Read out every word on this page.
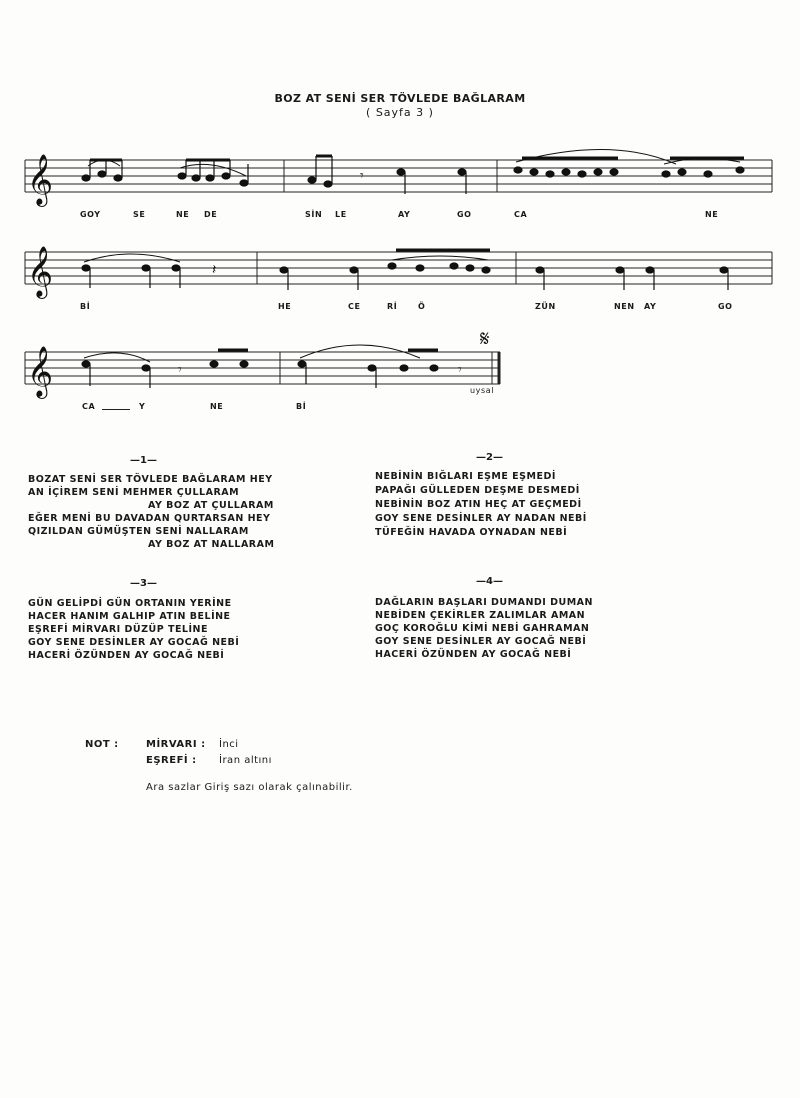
BOZ AT SENİ SER TÖVLEDE BAĞLARAM
( Sayfa 3 )
𝄞	𝄾
GOY	SE	NE DE	SİN LE	AY	GO	CA	NE
𝄞	𝄽
Bİ	HE	CE	Rİ	Ö	ZÜN	NEN AY	GO
𝄞
𝄋
𝄾	𝄾
CA	Y	NE	Bİ
uysal
—1—
BOZAT SENİ SER TÖVLEDE BAĞLARAM HEY
AN İÇİREM SENİ MEHMER ÇULLARAM
AY BOZ AT ÇULLARAM
EĞER MENİ BU DAVADAN QURTARSAN HEY
QIZILDAN GÜMÜŞTEN SENİ NALLARAM
AY BOZ AT NALLARAM
—2—
NEBİNİN BIĞLARI EŞME EŞMEDİ
PAPAĞI GÜLLEDEN DEŞME DESMEDİ
NEBİNİN BOZ ATIN HEÇ AT GEÇMEDİ
GOY SENE DESİNLER AY NADAN NEBİ
TÜFEĞİN HAVADA OYNADAN NEBİ
—3—
GÜN GELİPDİ GÜN ORTANIN YERİNE
HACER HANIM GALHIP ATIN BELİNE
EŞREFİ MİRVARI DÜZÜP TELİNE
GOY SENE DESİNLER AY GOCAĞ NEBİ
HACERİ ÖZÜNDEN AY GOCAĞ NEBİ
—4—
DAĞLARIN BAŞLARI DUMANDI DUMAN
NEBİDEN ÇEKİRLER ZALIMLAR AMAN
GOÇ KOROĞLU KİMİ NEBİ GAHRAMAN
GOY SENE DESİNLER AY GOCAĞ NEBİ
HACERİ ÖZÜNDEN AY GOCAĞ NEBİ
NOT :	MİRVARI : İnci
EŞREFİ : İran altını
Ara sazlar Giriş sazı olarak çalınabilir.
